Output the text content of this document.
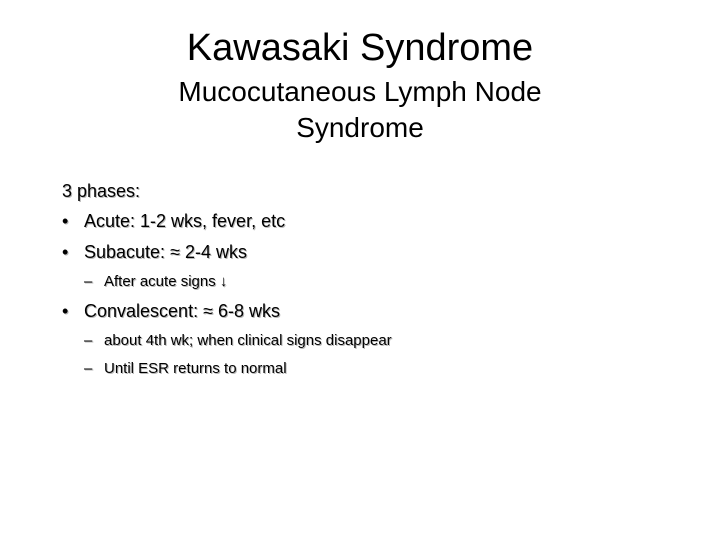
Kawasaki Syndrome
Mucocutaneous Lymph Node
Syndrome

3 phases:

• Acute: 1-2 wks, fever, etc
• Subacute: ≈ 2-4 wks
– After acute signs ↓
• Convalescent: ≈ 6-8 wks
– about 4th wk; when clinical signs disappear
– Until ESR returns to normal
